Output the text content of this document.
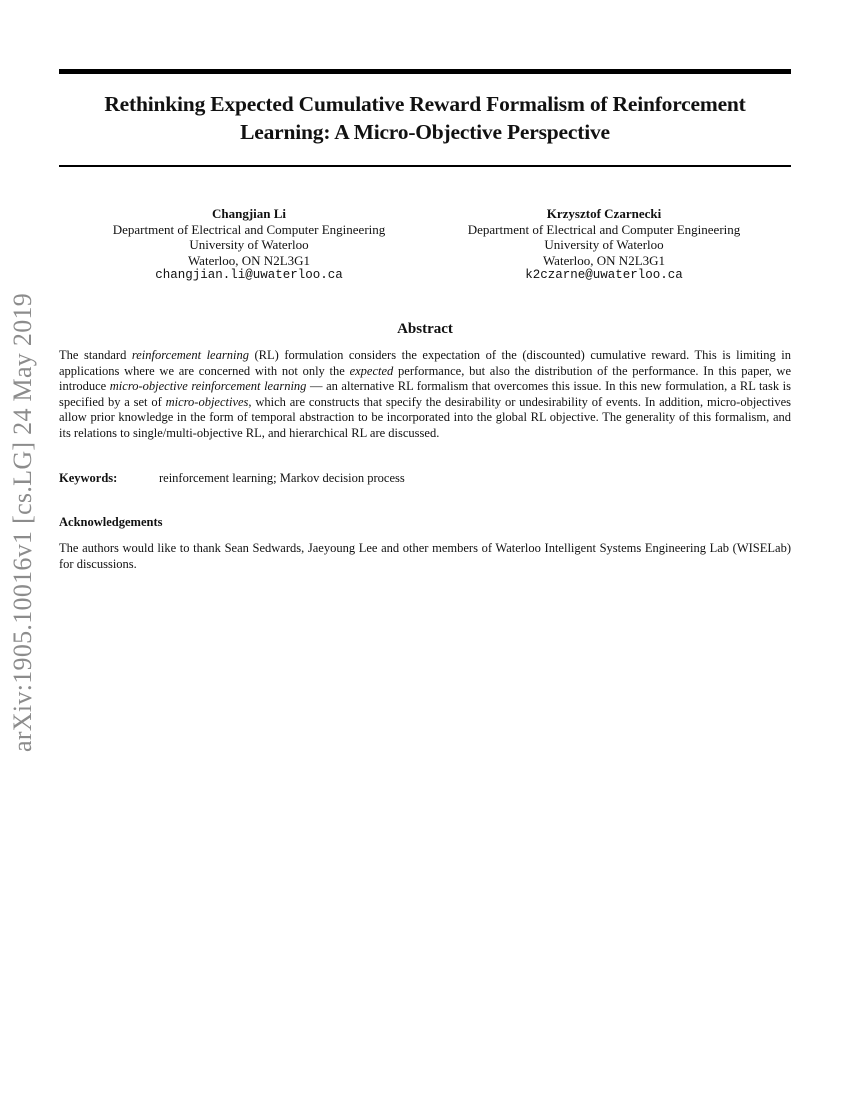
arXiv:1905.10016v1 [cs.LG] 24 May 2019
Rethinking Expected Cumulative Reward Formalism of Reinforcement
Learning: A Micro-Objective Perspective
Changjian Li
Department of Electrical and Computer Engineering
University of Waterloo
Waterloo, ON N2L3G1
changjian.li@uwaterloo.ca
Krzysztof Czarnecki
Department of Electrical and Computer Engineering
University of Waterloo
Waterloo, ON N2L3G1
k2czarne@uwaterloo.ca
Abstract

The standard reinforcement learning (RL) formulation considers the expectation of the (discounted) cumulative reward. This is limiting in applications where we are concerned with not only the expected performance, but also the distribution of the performance. In this paper, we introduce micro-objective reinforcement learning — an alternative RL formalism that overcomes this issue. In this new formulation, a RL task is specified by a set of micro-objectives, which are constructs that specify the desirability or undesirability of events. In addition, micro-objectives allow prior knowledge in the form of temporal abstraction to be incorporated into the global RL objective. The generality of this formalism, and its relations to single/multi-objective RL, and hierarchical RL are discussed.

Keywords:	reinforcement learning; Markov decision process
Acknowledgements

The authors would like to thank Sean Sedwards, Jaeyoung Lee and other members of Waterloo Intelligent Systems Engineering Lab (WISELab) for discussions.
